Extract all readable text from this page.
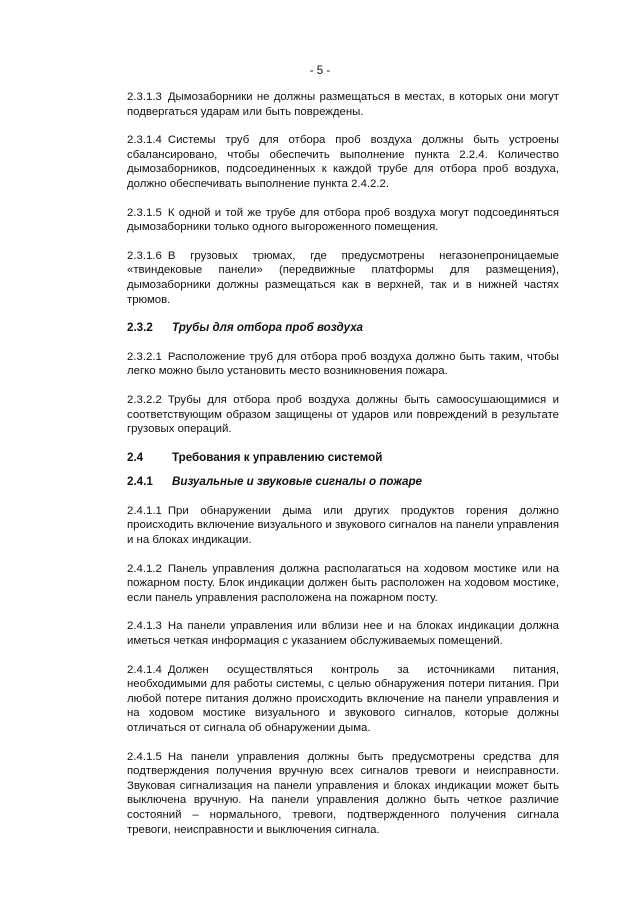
- 5 -

2.3.1.3 Дымозаборники не должны размещаться в местах, в которых они могут подвергаться ударам или быть повреждены.

2.3.1.4 Системы труб для отбора проб воздуха должны быть устроены сбалансировано, чтобы обеспечить выполнение пункта 2.2.4. Количество дымозаборников, подсоединенных к каждой трубе для отбора проб воздуха, должно обеспечивать выполнение пункта 2.4.2.2.

2.3.1.5 К одной и той же трубе для отбора проб воздуха могут подсоединяться дымозаборники только одного выгороженного помещения.

2.3.1.6 В грузовых трюмах, где предусмотрены негазонепроницаемые «твиндековые панели» (передвижные платформы для размещения), дымозаборники должны размещаться как в верхней, так и в нижней частях трюмов.

2.3.2	Трубы для отбора проб воздуха

2.3.2.1 Расположение труб для отбора проб воздуха должно быть таким, чтобы легко можно было установить место возникновения пожара.

2.3.2.2 Трубы для отбора проб воздуха должны быть самоосушающимися и соответствующим образом защищены от ударов или повреждений в результате грузовых операций.

2.4	Требования к управлению системой
2.4.1	Визуальные и звуковые сигналы о пожаре

2.4.1.1 При обнаружении дыма или других продуктов горения должно происходить включение визуального и звукового сигналов на панели управления и на блоках индикации.

2.4.1.2 Панель управления должна располагаться на ходовом мостике или на пожарном посту. Блок индикации должен быть расположен на ходовом мостике, если панель управления расположена на пожарном посту.

2.4.1.3 На панели управления или вблизи нее и на блоках индикации должна иметься четкая информация с указанием обслуживаемых помещений.

2.4.1.4 Должен осуществляться контроль за источниками питания, необходимыми для работы системы, с целью обнаружения потери питания. При любой потере питания должно происходить включение на панели управления и на ходовом мостике визуального и звукового сигналов, которые должны отличаться от сигнала об обнаружении дыма.

2.4.1.5 На панели управления должны быть предусмотрены средства для подтверждения получения вручную всех сигналов тревоги и неисправности. Звуковая сигнализация на панели управления и блоках индикации может быть выключена вручную. На панели управления должно быть четкое различие состояний – нормального, тревоги, подтвержденного получения сигнала тревоги, неисправности и выключения сигнала.
